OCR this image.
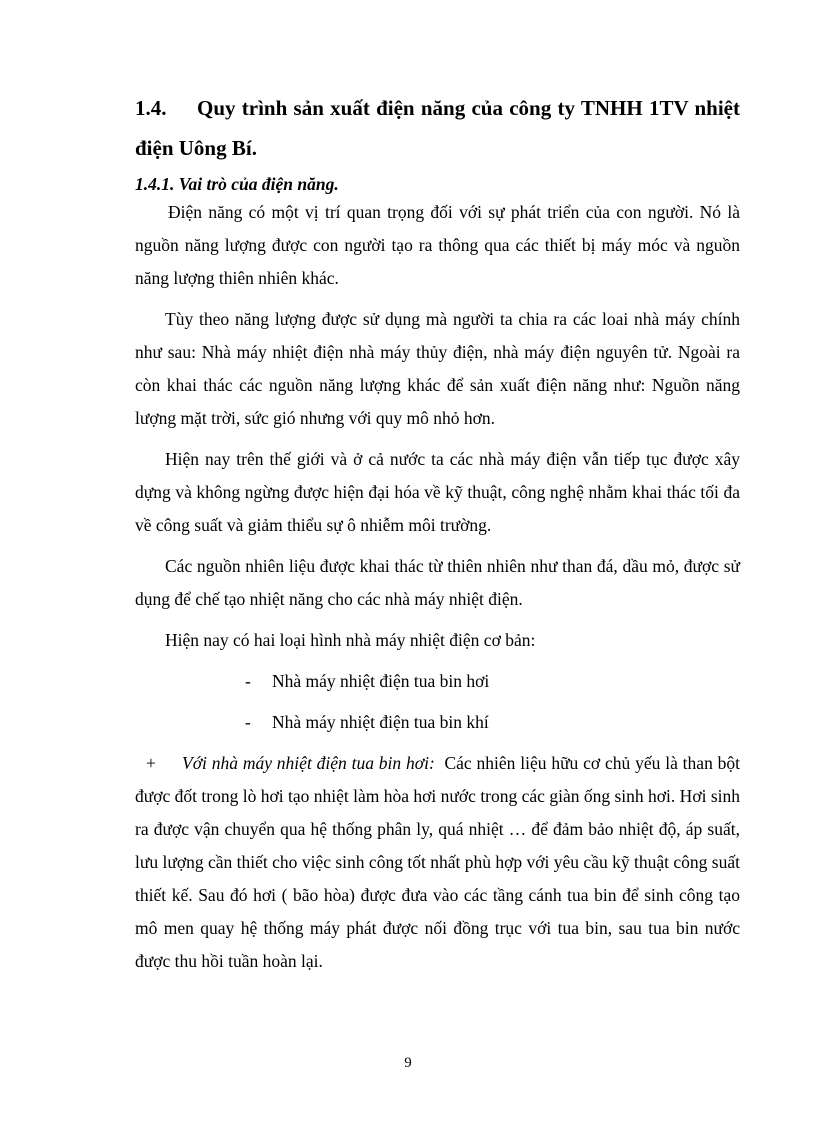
1.4. Quy trình sản xuất điện năng của công ty TNHH 1TV nhiệt điện Uông Bí.
1.4.1. Vai trò của điện năng.

Điện năng có một vị trí quan trọng đối với sự phát triển của con người. Nó là nguồn năng lượng được con người tạo ra thông qua các thiết bị máy móc và nguồn năng lượng thiên nhiên khác.

Tùy theo năng lượng được sử dụng mà người ta chia ra các loai nhà máy chính như sau: Nhà máy nhiệt điện nhà máy thủy điện, nhà máy điện nguyên tử. Ngoài ra còn khai thác các nguồn năng lượng khác để sản xuất điện năng như: Nguồn năng lượng mặt trời, sức gió nhưng với quy mô nhỏ hơn.

Hiện nay trên thế giới và ở cả nước ta các nhà máy điện vẫn tiếp tục được xây dựng và không ngừng được hiện đại hóa về kỹ thuật, công nghệ nhằm khai thác tối đa về công suất và giảm thiểu sự ô nhiễm môi trường.

Các nguồn nhiên liệu được khai thác từ thiên nhiên như than đá, dầu mỏ, được sử dụng để chế tạo nhiệt năng cho các nhà máy nhiệt điện.

Hiện nay có hai loại hình nhà máy nhiệt điện cơ bản:

- Nhà máy nhiệt điện tua bin hơi
- Nhà máy nhiệt điện tua bin khí

+ Với nhà máy nhiệt điện tua bin hơi: Các nhiên liệu hữu cơ chủ yếu là than bột được đốt trong lò hơi tạo nhiệt làm hòa hơi nước trong các giàn ống sinh hơi. Hơi sinh ra được vận chuyển qua hệ thống phân ly, quá nhiệt … để đảm bảo nhiệt độ, áp suất, lưu lượng cần thiết cho việc sinh công tốt nhất phù hợp với yêu cầu kỹ thuật công suất thiết kế. Sau đó hơi ( bão hòa) được đưa vào các tầng cánh tua bin để sinh công tạo mô men quay hệ thống máy phát được nối đồng trục với tua bin, sau tua bin nước được thu hồi tuần hoàn lại.

9
